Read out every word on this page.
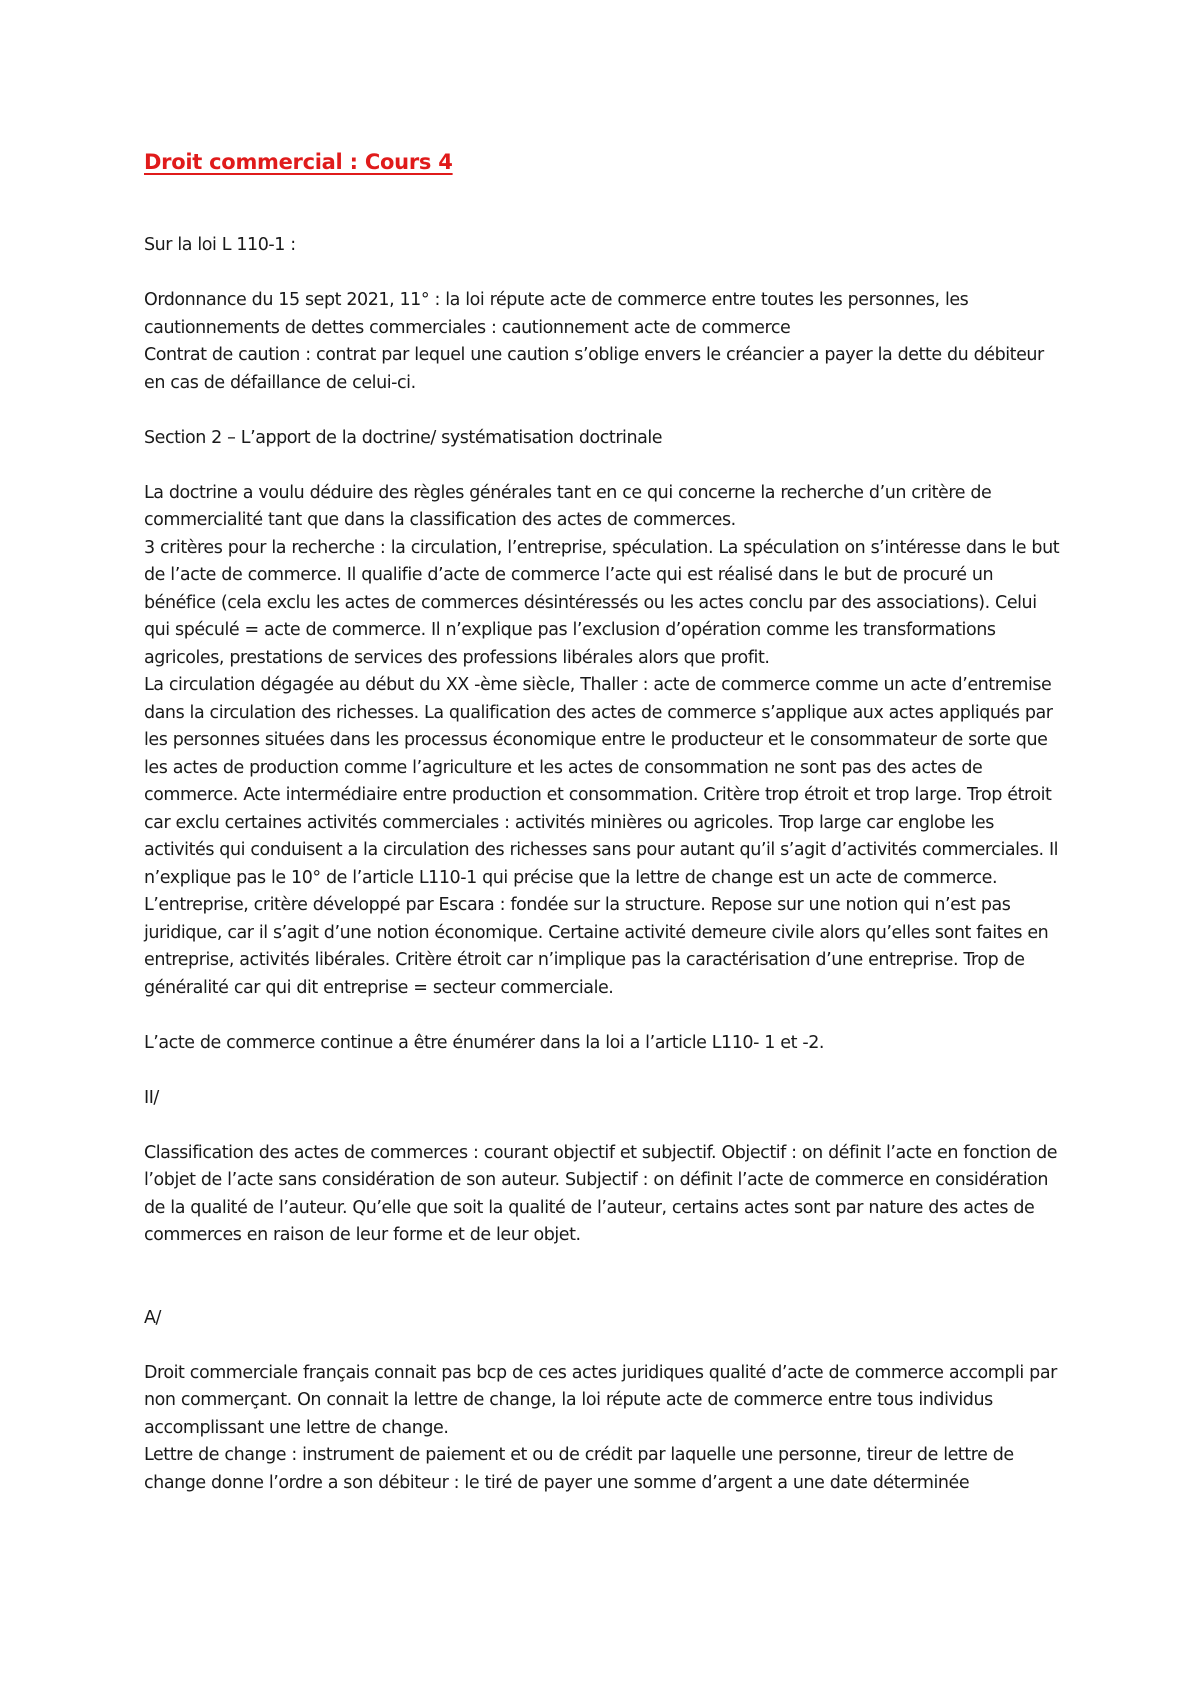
Droit commercial : Cours 4

Sur la loi L 110-1 :

Ordonnance du 15 sept 2021, 11° : la loi répute acte de commerce entre toutes les personnes, les cautionnements de dettes commerciales : cautionnement acte de commerce

Contrat de caution : contrat par lequel une caution s’oblige envers le créancier a payer la dette du débiteur en cas de défaillance de celui-ci.

Section 2 – L’apport de la doctrine/ systématisation doctrinale

La doctrine a voulu déduire des règles générales tant en ce qui concerne la recherche d’un critère de commercialité tant que dans la classification des actes de commerces.

3 critères pour la recherche : la circulation, l’entreprise, spéculation. La spéculation on s’intéresse dans le but de l’acte de commerce. Il qualifie d’acte de commerce l’acte qui est réalisé dans le but de procuré un bénéfice (cela exclu les actes de commerces désintéressés ou les actes conclu par des associations). Celui qui spéculé = acte de commerce. Il n’explique pas l’exclusion d’opération comme les transformations agricoles, prestations de services des professions libérales alors que profit.

La circulation dégagée au début du XX -ème siècle, Thaller : acte de commerce comme un acte d’entremise dans la circulation des richesses. La qualification des actes de commerce s’applique aux actes appliqués par les personnes situées dans les processus économique entre le producteur et le consommateur de sorte que les actes de production comme l’agriculture et les actes de consommation ne sont pas des actes de commerce. Acte intermédiaire entre production et consommation. Critère trop étroit et trop large. Trop étroit car exclu certaines activités commerciales : activités minières ou agricoles. Trop large car englobe les activités qui conduisent a la circulation des richesses sans pour autant qu’il s’agit d’activités commerciales. Il n’explique pas le 10° de l’article L110-1 qui précise que la lettre de change est un acte de commerce.

L’entreprise, critère développé par Escara : fondée sur la structure. Repose sur une notion qui n’est pas juridique, car il s’agit d’une notion économique. Certaine activité demeure civile alors qu’elles sont faites en entreprise, activités libérales. Critère étroit car n’implique pas la caractérisation d’une entreprise. Trop de généralité car qui dit entreprise = secteur commerciale.

L’acte de commerce continue a être énumérer dans la loi a l’article L110- 1 et -2.

II/

Classification des actes de commerces : courant objectif et subjectif. Objectif : on définit l’acte en fonction de l’objet de l’acte sans considération de son auteur. Subjectif : on définit l’acte de commerce en considération de la qualité de l’auteur. Qu’elle que soit la qualité de l’auteur, certains actes sont par nature des actes de commerces en raison de leur forme et de leur objet.

A/

Droit commerciale français connait pas bcp de ces actes juridiques qualité d’acte de commerce accompli par non commerçant. On connait la lettre de change, la loi répute acte de commerce entre tous individus accomplissant une lettre de change.

Lettre de change : instrument de paiement et ou de crédit par laquelle une personne, tireur de lettre de change donne l’ordre a son débiteur : le tiré de payer une somme d’argent a une date déterminée
